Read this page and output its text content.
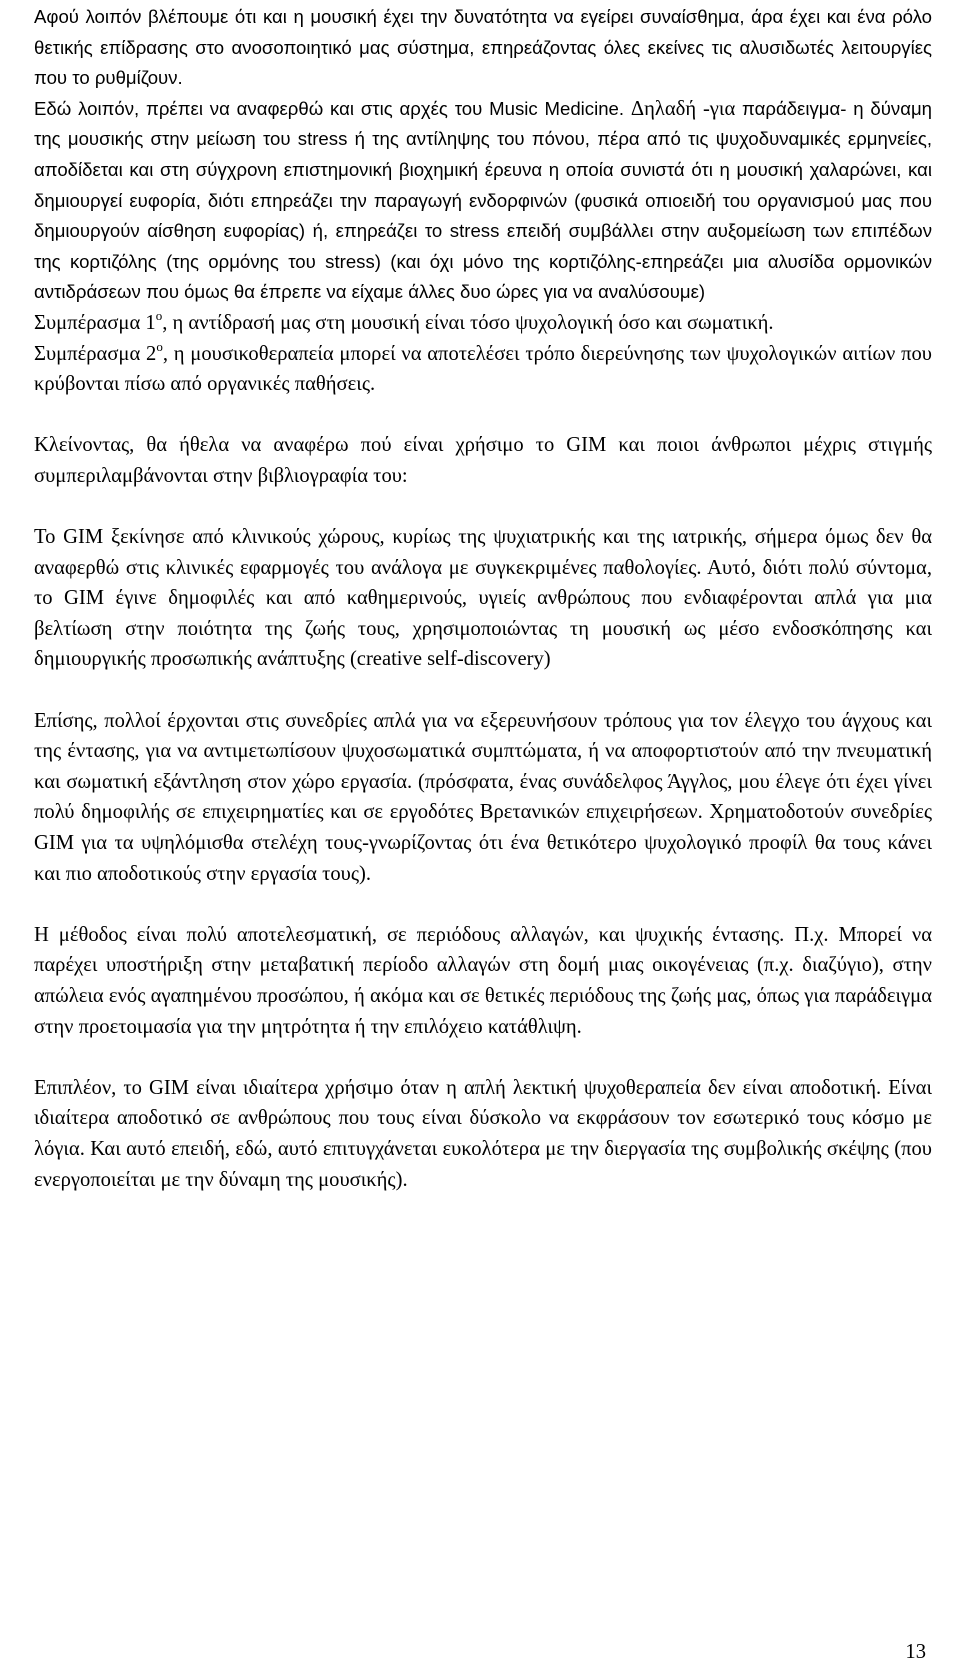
Αφού λοιπόν βλέπουμε ότι και η μουσική έχει την δυνατότητα να εγείρει συναίσθημα, άρα έχει και ένα ρόλο θετικής επίδρασης στο ανοσοποιητικό μας σύστημα, επηρεάζοντας όλες εκείνες τις αλυσιδωτές λειτουργίες που το ρυθμίζουν.

Εδώ λοιπόν, πρέπει να αναφερθώ και στις αρχές του Music Medicine. Δηλαδή -για παράδειγμα- η δύναμη της μουσικής στην μείωση του stress ή της αντίληψης του πόνου, πέρα από τις ψυχοδυναμικές ερμηνείες, αποδίδεται και στη σύγχρονη επιστημονική βιοχημική έρευνα η οποία συνιστά ότι η μουσική χαλαρώνει, και δημιουργεί ευφορία, διότι επηρεάζει την παραγωγή ενδορφινών (φυσικά οπιοειδή του οργανισμού μας που δημιουργούν αίσθηση ευφορίας) ή, επηρεάζει το stress επειδή συμβάλλει στην αυξομείωση των επιπέδων της κορτιζόλης (της ορμόνης του stress) (και όχι μόνο της κορτιζόλης-επηρεάζει μια αλυσίδα ορμονικών αντιδράσεων που όμως θα έπρεπε να είχαμε άλλες δυο ώρες για να αναλύσουμε)

Συμπέρασμα $1^o$, η αντίδρασή μας στη μουσική είναι τόσο ψυχολογική όσο και σωματική.

Συμπέρασμα $2^o$, η μουσικοθεραπεία μπορεί να αποτελέσει τρόπο διερεύνησης των ψυχολογικών αιτίων που κρύβονται πίσω από οργανικές παθήσεις.

Κλείνοντας, θα ήθελα να αναφέρω πού είναι χρήσιμο το GIM και ποιοι άνθρωποι μέχρις στιγμής συμπεριλαμβάνονται στην βιβλιογραφία του:

To GIM ξεκίνησε από κλινικούς χώρους, κυρίως της ψυχιατρικής και της ιατρικής, σήμερα όμως δεν θα αναφερθώ στις κλινικές εφαρμογές του ανάλογα με συγκεκριμένες παθολογίες. Αυτό, διότι πολύ σύντομα, το GIM έγινε δημοφιλές και από καθημερινούς, υγιείς ανθρώπους που ενδιαφέρονται απλά για μια βελτίωση στην ποιότητα της ζωής τους, χρησιμοποιώντας τη μουσική ως μέσο ενδοσκόπησης και δημιουργικής προσωπικής ανάπτυξης (creative self-discovery)

Επίσης, πολλοί έρχονται στις συνεδρίες απλά για να εξερευνήσουν τρόπους για τον έλεγχο του άγχους και της έντασης, για να αντιμετωπίσουν ψυχοσωματικά συμπτώματα, ή να αποφορτιστούν από την πνευματική και σωματική εξάντληση στον χώρο εργασία. (πρόσφατα, ένας συνάδελφος Άγγλος, μου έλεγε ότι έχει γίνει πολύ δημοφιλής σε επιχειρηματίες και σε εργοδότες Βρετανικών επιχειρήσεων. Χρηματοδοτούν συνεδρίες GIM για τα υψηλόμισθα στελέχη τους-γνωρίζοντας ότι ένα θετικότερο ψυχολογικό προφίλ θα τους κάνει και πιο αποδοτικούς στην εργασία τους).

Η μέθοδος είναι πολύ αποτελεσματική, σε περιόδους αλλαγών, και ψυχικής έντασης. Π.χ. Μπορεί να παρέχει υποστήριξη στην μεταβατική περίοδο αλλαγών στη δομή μιας οικογένειας (π.χ. διαζύγιο), στην απώλεια ενός αγαπημένου προσώπου, ή ακόμα και σε θετικές περιόδους της ζωής μας, όπως για παράδειγμα στην προετοιμασία για την μητρότητα ή την επιλόχειο κατάθλιψη.

Επιπλέον, το GIM είναι ιδιαίτερα χρήσιμο όταν η απλή λεκτική ψυχοθεραπεία δεν είναι αποδοτική. Είναι ιδιαίτερα αποδοτικό σε ανθρώπους που τους είναι δύσκολο να εκφράσουν τον εσωτερικό τους κόσμο με λόγια. Και αυτό επειδή, εδώ, αυτό επιτυγχάνεται ευκολότερα με την διεργασία της συμβολικής σκέψης (που ενεργοποιείται με την δύναμη της μουσικής).

13
